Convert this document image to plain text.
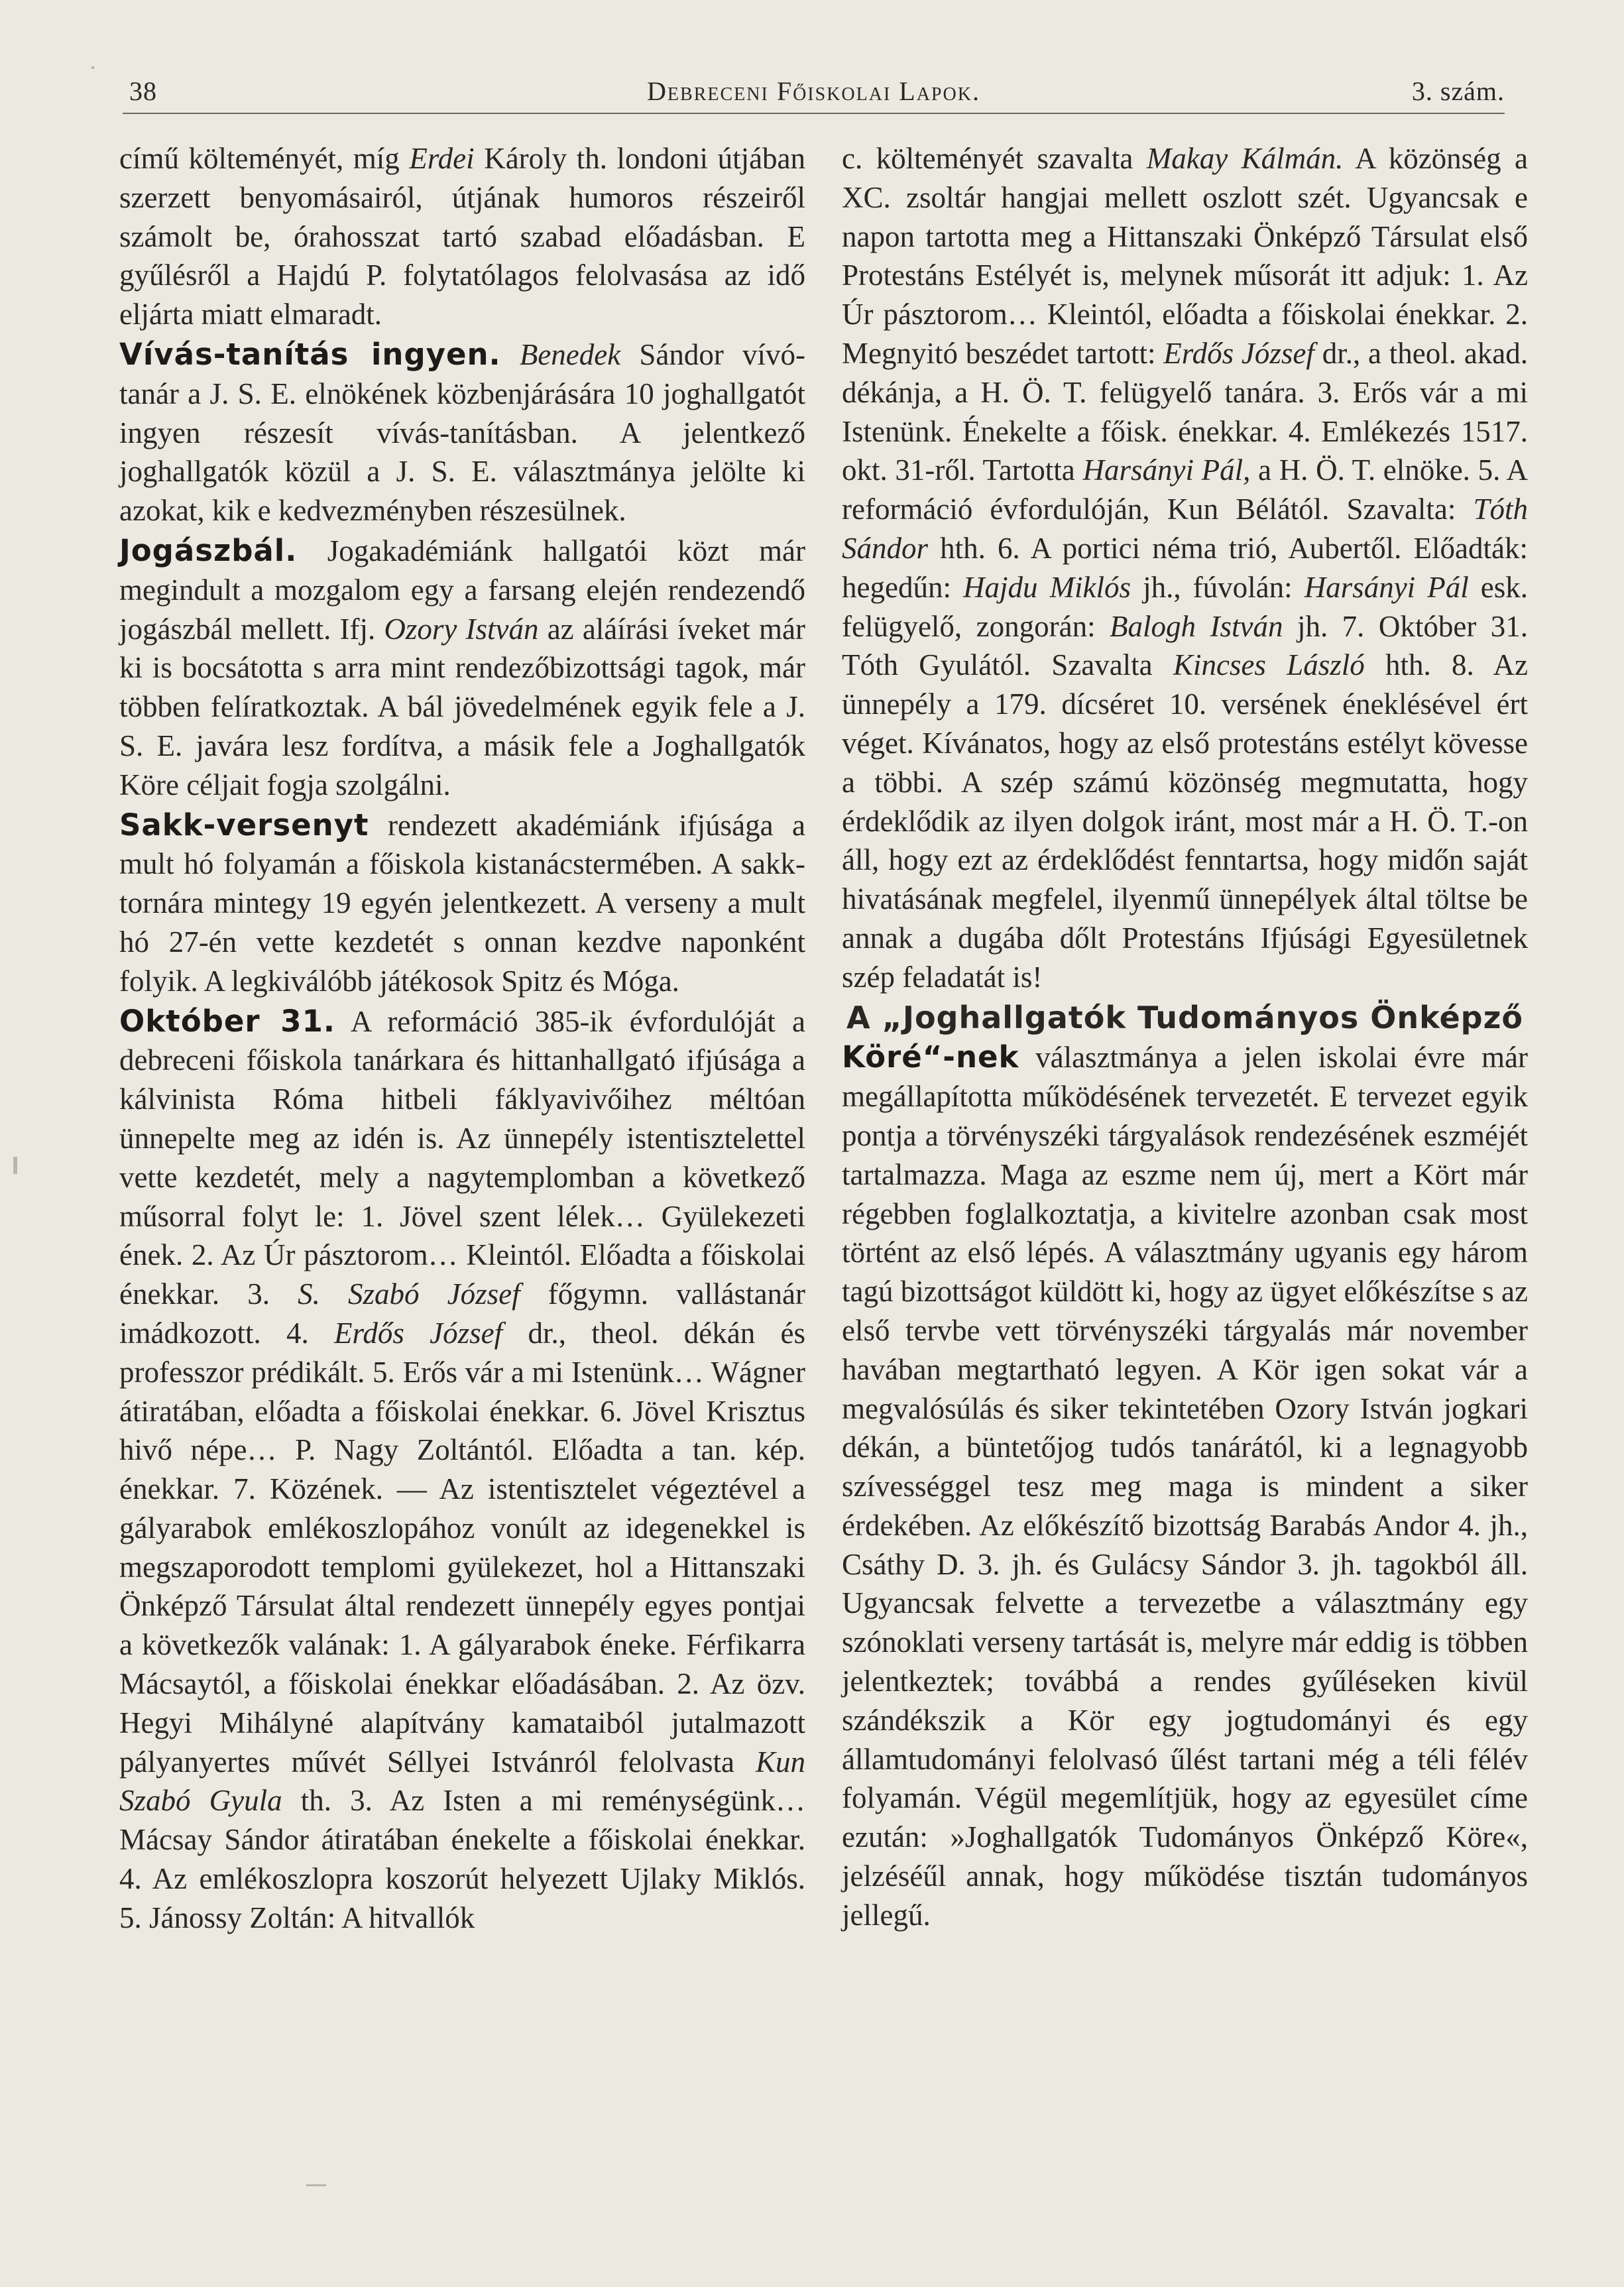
38	Debreceni Főiskolai Lapok.	3. szám.

című költeményét, míg Erdei Károly th. londoni útjában szerzett benyomásairól, útjának humoros részeiről számolt be, órahosszat tartó szabad előadásban. E gyűlésről a Hajdú P. folytatólagos felolvasása az idő eljárta miatt elmaradt.

Vívás-tanítás ingyen. Benedek Sándor vívó-tanár a J. S. E. elnökének közbenjárására 10 joghallgatót ingyen részesít vívás-tanításban. A jelentkező joghallgatók közül a J. S. E. választmánya jelölte ki azokat, kik e kedvezményben részesülnek.

Jogászbál. Jogakadémiánk hallgatói közt már megindult a mozgalom egy a farsang elején rendezendő jogászbál mellett. Ifj. Ozory István az aláírási íveket már ki is bocsátotta s arra mint rendezőbizottsági tagok, már többen felíratkoztak. A bál jövedelmének egyik fele a J. S. E. javára lesz fordítva, a másik fele a Joghallgatók Köre céljait fogja szolgálni.

Sakk-versenyt rendezett akadémiánk ifjúsága a mult hó folyamán a főiskola kistanácstermében. A sakk-tornára mintegy 19 egyén jelentkezett. A verseny a mult hó 27-én vette kezdetét s onnan kezdve naponként folyik. A legkiválóbb játékosok Spitz és Móga.

Október 31. A reformáció 385-ik évfordulóját a debreceni főiskola tanárkara és hittanhallgató ifjúsága a kálvinista Róma hitbeli fáklyavivőihez méltóan ünnepelte meg az idén is. Az ünnepély istentisztelettel vette kezdetét, mely a nagytemplomban a következő műsorral folyt le: 1. Jövel szent lélek… Gyülekezeti ének. 2. Az Úr pásztorom… Kleintól. Előadta a főiskolai énekkar. 3. S. Szabó József főgymn. vallástanár imádkozott. 4. Erdős József dr., theol. dékán és professzor prédikált. 5. Erős vár a mi Istenünk… Wágner átiratában, előadta a főiskolai énekkar. 6. Jövel Krisztus hivő népe… P. Nagy Zoltántól. Előadta a tan. kép. énekkar. 7. Közének. — Az istentisztelet végeztével a gályarabok emlékoszlopához vonúlt az idegenekkel is megszaporodott templomi gyülekezet, hol a Hittanszaki Önképző Társulat által rendezett ünnepély egyes pontjai a következők valának: 1. A gályarabok éneke. Férfikarra Mácsaytól, a főiskolai énekkar előadásában. 2. Az özv. Hegyi Mihályné alapítvány kamataiból jutalmazott pályanyertes művét Séllyei Istvánról felolvasta Kun Szabó Gyula th. 3. Az Isten a mi reménységünk… Mácsay Sándor átiratában énekelte a főiskolai énekkar. 4. Az emlékoszlopra koszorút helyezett Ujlaky Miklós. 5. Jánossy Zoltán: A hitvallók

c. költeményét szavalta Makay Kálmán. A közönség a XC. zsoltár hangjai mellett oszlott szét. Ugyancsak e napon tartotta meg a Hittanszaki Önképző Társulat első Protestáns Estélyét is, melynek műsorát itt adjuk: 1. Az Úr pásztorom… Kleintól, előadta a főiskolai énekkar. 2. Megnyitó beszédet tartott: Erdős József dr., a theol. akad. dékánja, a H. Ö. T. felügyelő tanára. 3. Erős vár a mi Istenünk. Énekelte a főisk. énekkar. 4. Emlékezés 1517. okt. 31-ről. Tartotta Harsányi Pál, a H. Ö. T. elnöke. 5. A reformáció évfordulóján, Kun Bélától. Szavalta: Tóth Sándor hth. 6. A portici néma trió, Aubertől. Előadták: hegedűn: Hajdu Miklós jh., fúvolán: Harsányi Pál esk. felügyelő, zongorán: Balogh István jh. 7. Október 31. Tóth Gyulától. Szavalta Kincses László hth. 8. Az ünnepély a 179. dícséret 10. versének éneklésével ért véget. Kívánatos, hogy az első protestáns estélyt kövesse a többi. A szép számú közönség megmutatta, hogy érdeklődik az ilyen dolgok iránt, most már a H. Ö. T.-on áll, hogy ezt az érdeklődést fenntartsa, hogy midőn saját hivatásának megfelel, ilyenmű ünnepélyek által töltse be annak a dugába dőlt Protestáns Ifjúsági Egyesületnek szép feladatát is!

A „Joghallgatók Tudományos Önképző

Köré“-nek választmánya a jelen iskolai évre már megállapította működésének tervezetét. E tervezet egyik pontja a törvényszéki tárgyalások rendezésének eszméjét tartalmazza. Maga az eszme nem új, mert a Kört már régebben foglalkoztatja, a kivitelre azonban csak most történt az első lépés. A választmány ugyanis egy három tagú bizottságot küldött ki, hogy az ügyet előkészítse s az első tervbe vett törvényszéki tárgyalás már november havában megtartható legyen. A Kör igen sokat vár a megvalósúlás és siker tekintetében Ozory István jogkari dékán, a büntetőjog tudós tanárától, ki a legnagyobb szívességgel tesz meg maga is mindent a siker érdekében. Az előkészítő bizottság Barabás Andor 4. jh., Csáthy D. 3. jh. és Gulácsy Sándor 3. jh. tagokból áll. Ugyancsak felvette a tervezetbe a választmány egy szónoklati verseny tartását is, melyre már eddig is többen jelentkeztek; továbbá a rendes gyűléseken kivül szándékszik a Kör egy jogtudományi és egy államtudományi felolvasó űlést tartani még a téli félév folyamán. Végül megemlítjük, hogy az egyesület címe ezután: »Joghallgatók Tudományos Önképző Köre«, jelzéséűl annak, hogy működése tisztán tudományos jellegű.
